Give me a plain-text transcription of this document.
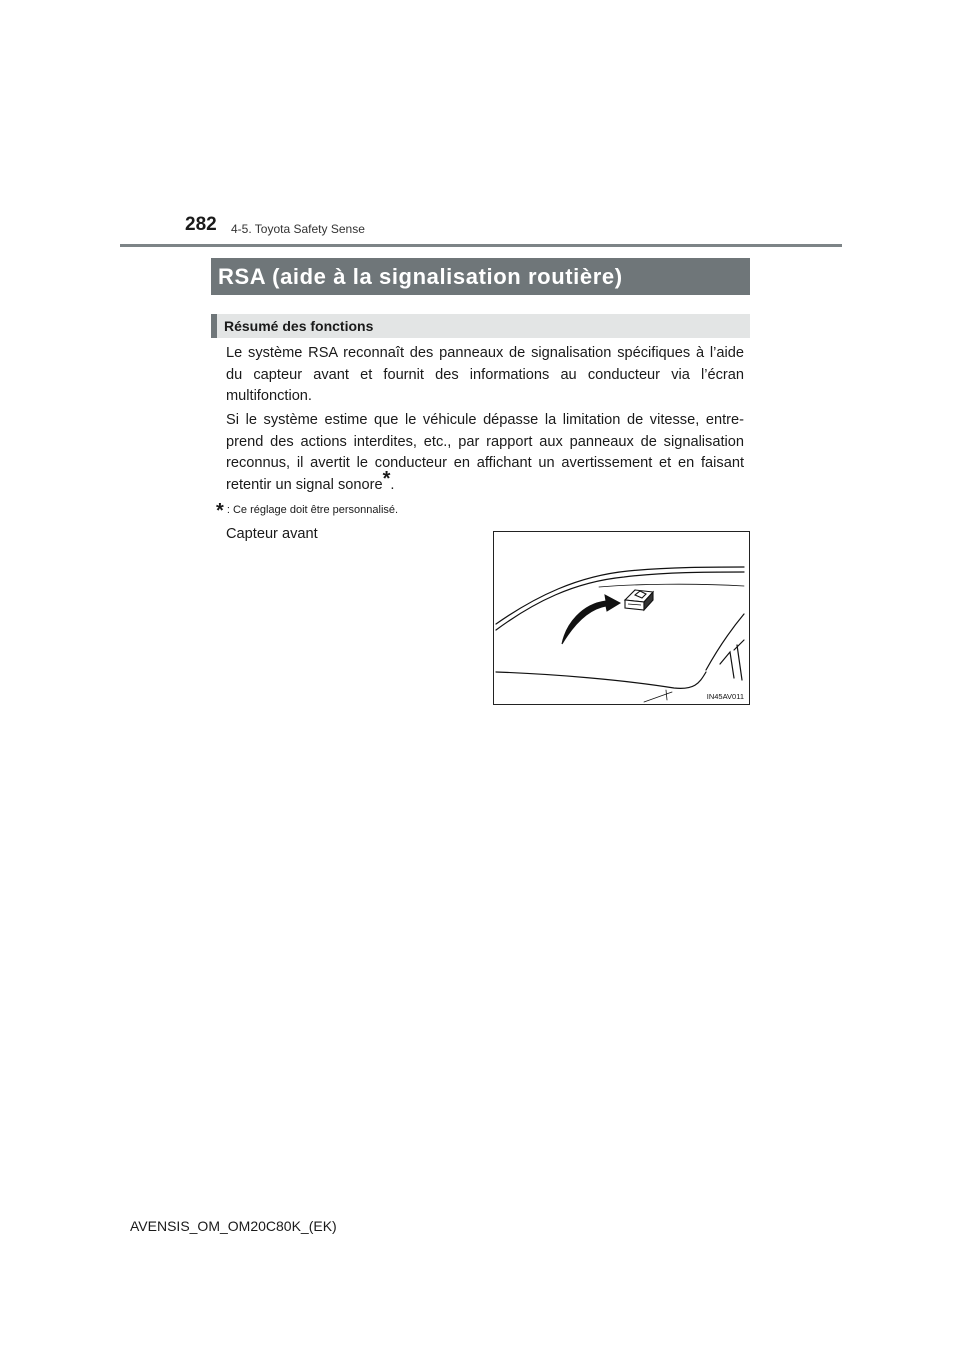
282 4-5. Toyota Safety Sense
RSA (aide à la signalisation routière)
Résumé des fonctions
Le système RSA reconnaît des panneaux de signalisation spécifiques à l’aide du capteur avant et fournit des informations au conducteur via l’écran multifonction.
Si le système estime que le véhicule dépasse la limitation de vitesse, entre-prend des actions interdites, etc., par rapport aux panneaux de signalisation reconnus, il avertit le conducteur en affichant un avertissement et en faisant retentir un signal sonore*.
* : Ce réglage doit être personnalisé.
Capteur avant
IN45AV011
AVENSIS_OM_OM20C80K_(EK)
